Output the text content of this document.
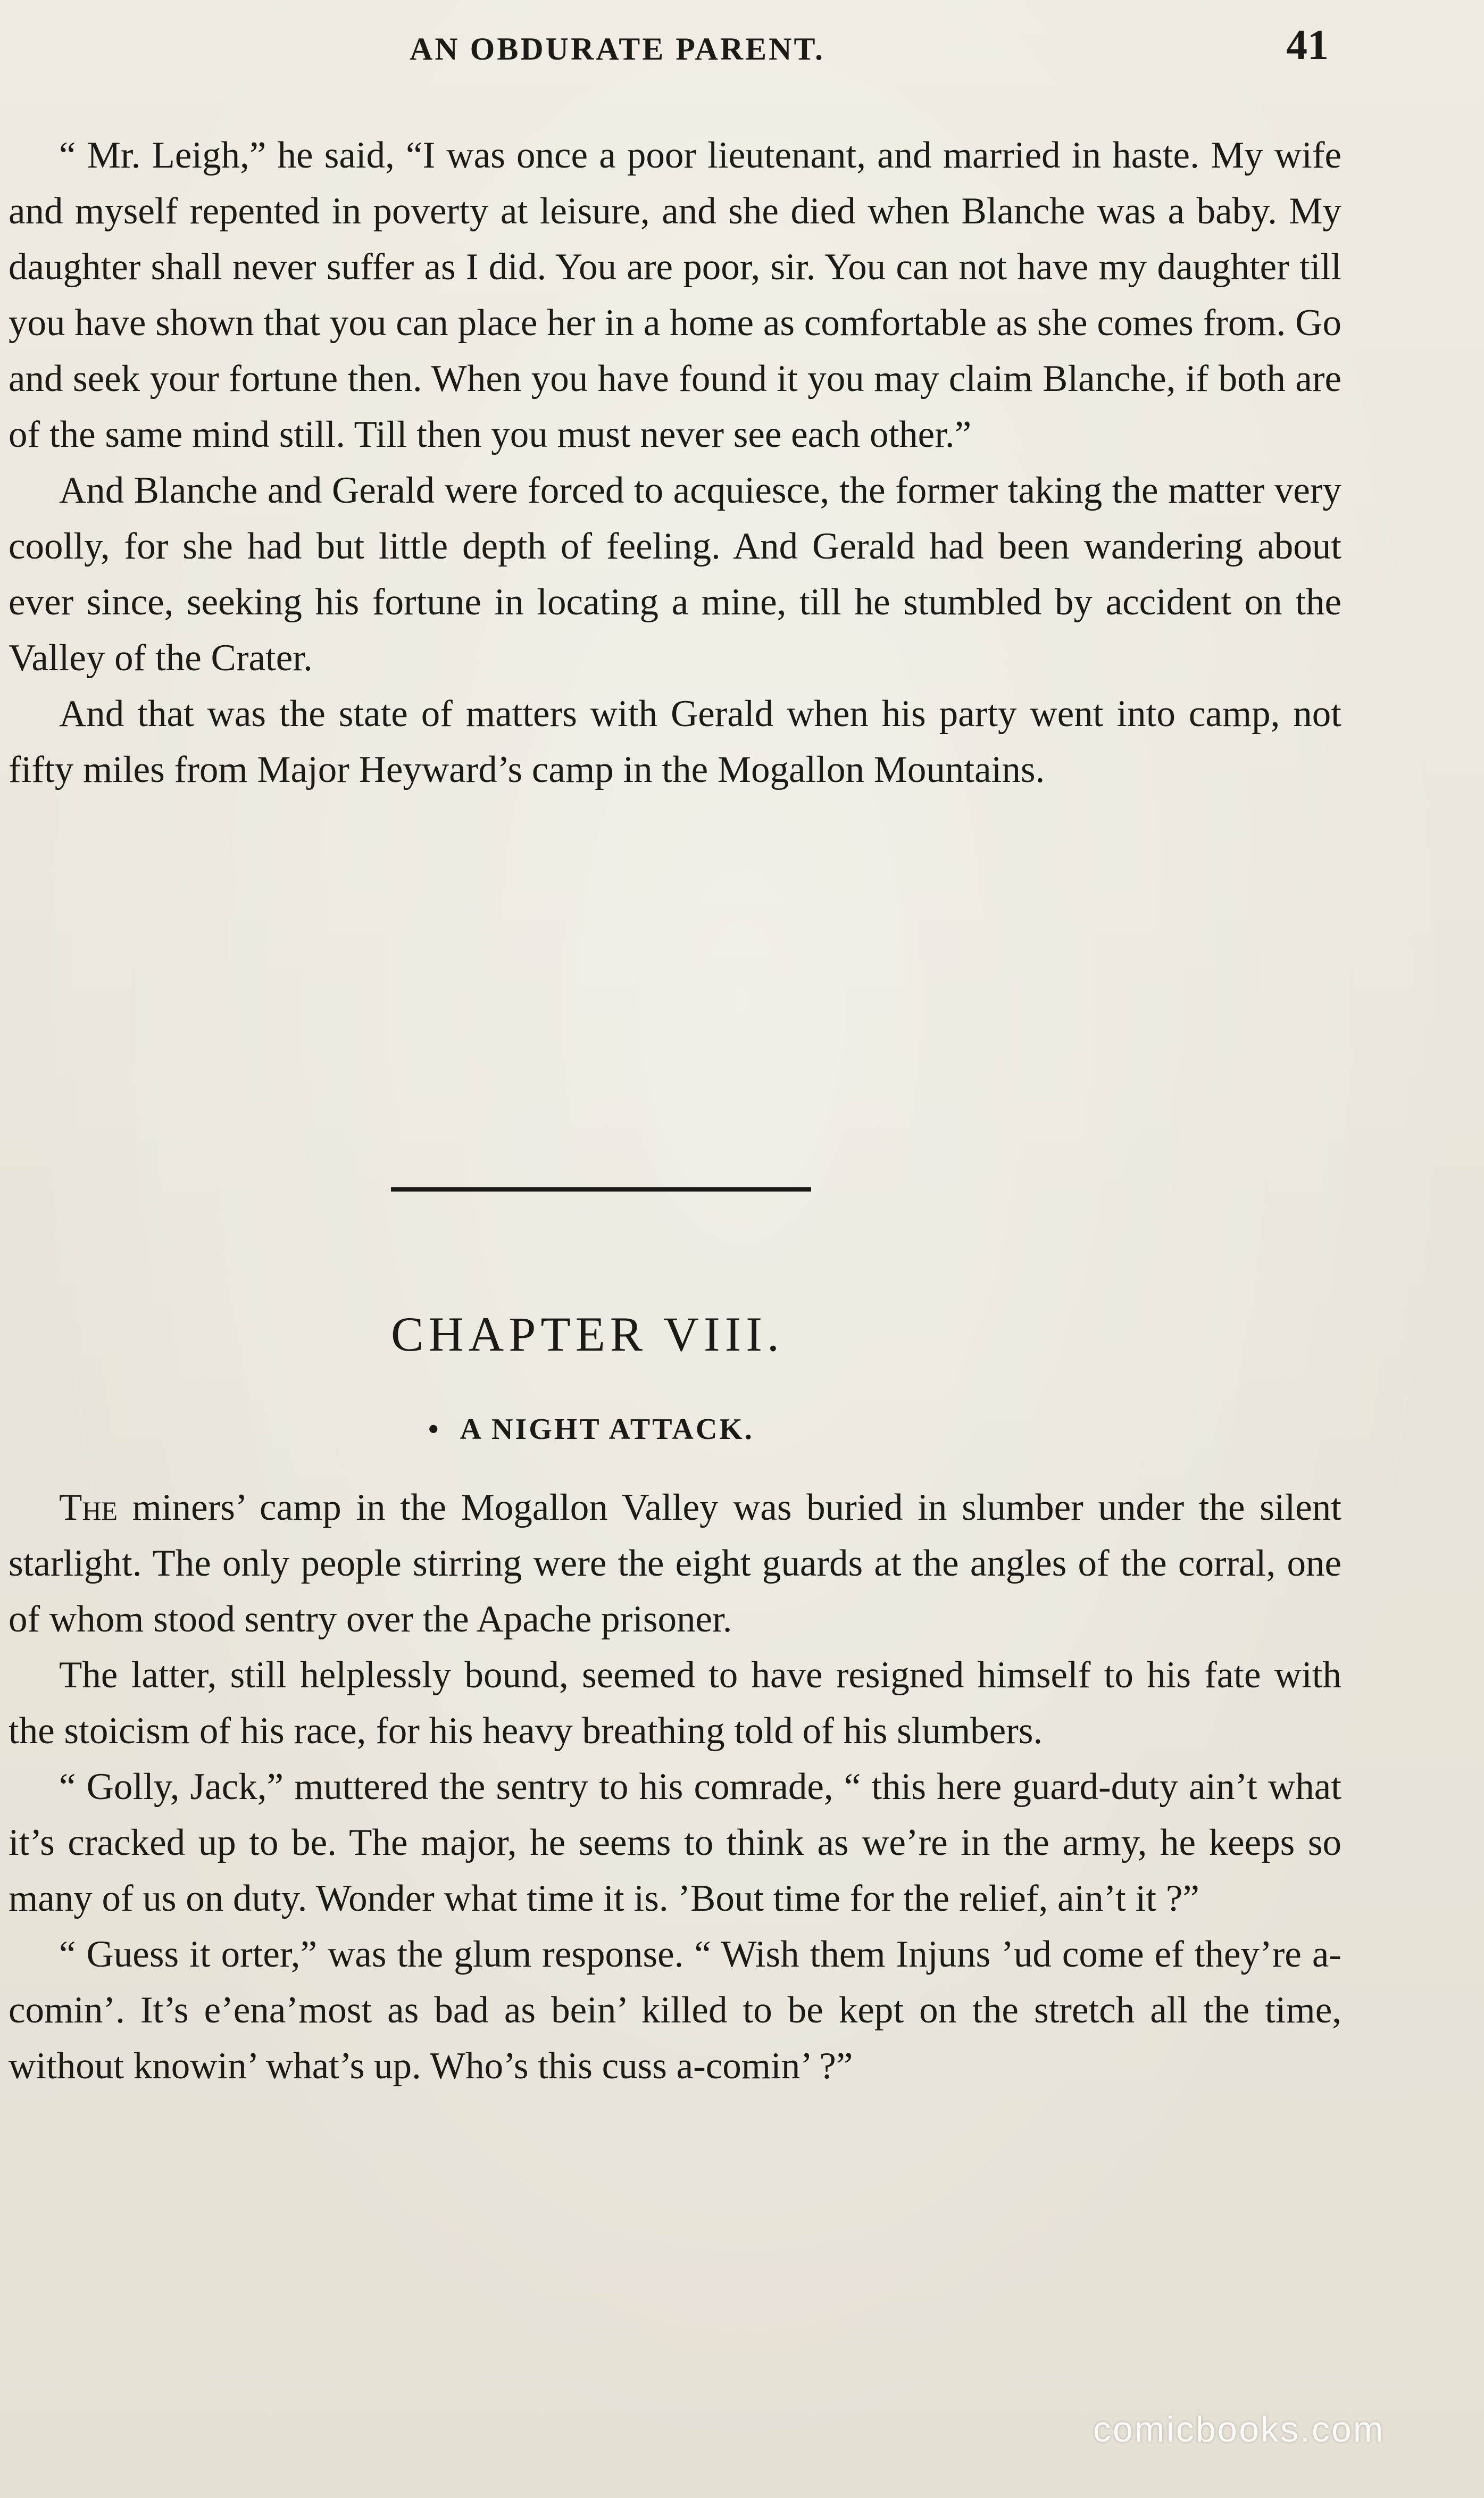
AN OBDURATE PARENT.	41

“ Mr. Leigh,” he said, “I was once a poor lieutenant, and married in haste. My wife and myself repented in poverty at leisure, and she died when Blanche was a baby. My daughter shall never suffer as I did. You are poor, sir. You can not have my daughter till you have shown that you can place her in a home as comfortable as she comes from. Go and seek your fortune then. When you have found it you may claim Blanche, if both are of the same mind still. Till then you must never see each other.”

And Blanche and Gerald were forced to acquiesce, the former taking the matter very coolly, for she had but little depth of feeling. And Gerald had been wandering about ever since, seeking his fortune in locating a mine, till he stumbled by accident on the Valley of the Crater.

And that was the state of matters with Gerald when his party went into camp, not fifty miles from Major Heyward’s camp in the Mogallon Mountains.

CHAPTER VIII.
•  A NIGHT ATTACK.

The miners’ camp in the Mogallon Valley was buried in slumber under the silent starlight. The only people stirring were the eight guards at the angles of the corral, one of whom stood sentry over the Apache prisoner.

The latter, still helplessly bound, seemed to have resigned himself to his fate with the stoicism of his race, for his heavy breathing told of his slumbers.

“ Golly, Jack,” muttered the sentry to his comrade, “ this here guard-duty ain’t what it’s cracked up to be. The major, he seems to think as we’re in the army, he keeps so many of us on duty. Wonder what time it is. ’Bout time for the relief, ain’t it ?”

“ Guess it orter,” was the glum response. “ Wish them Injuns ’ud come ef they’re a-comin’. It’s e’ena’most as bad as bein’ killed to be kept on the stretch all the time, without knowin’ what’s up. Who’s this cuss a-comin’ ?”

comicbooks.com
